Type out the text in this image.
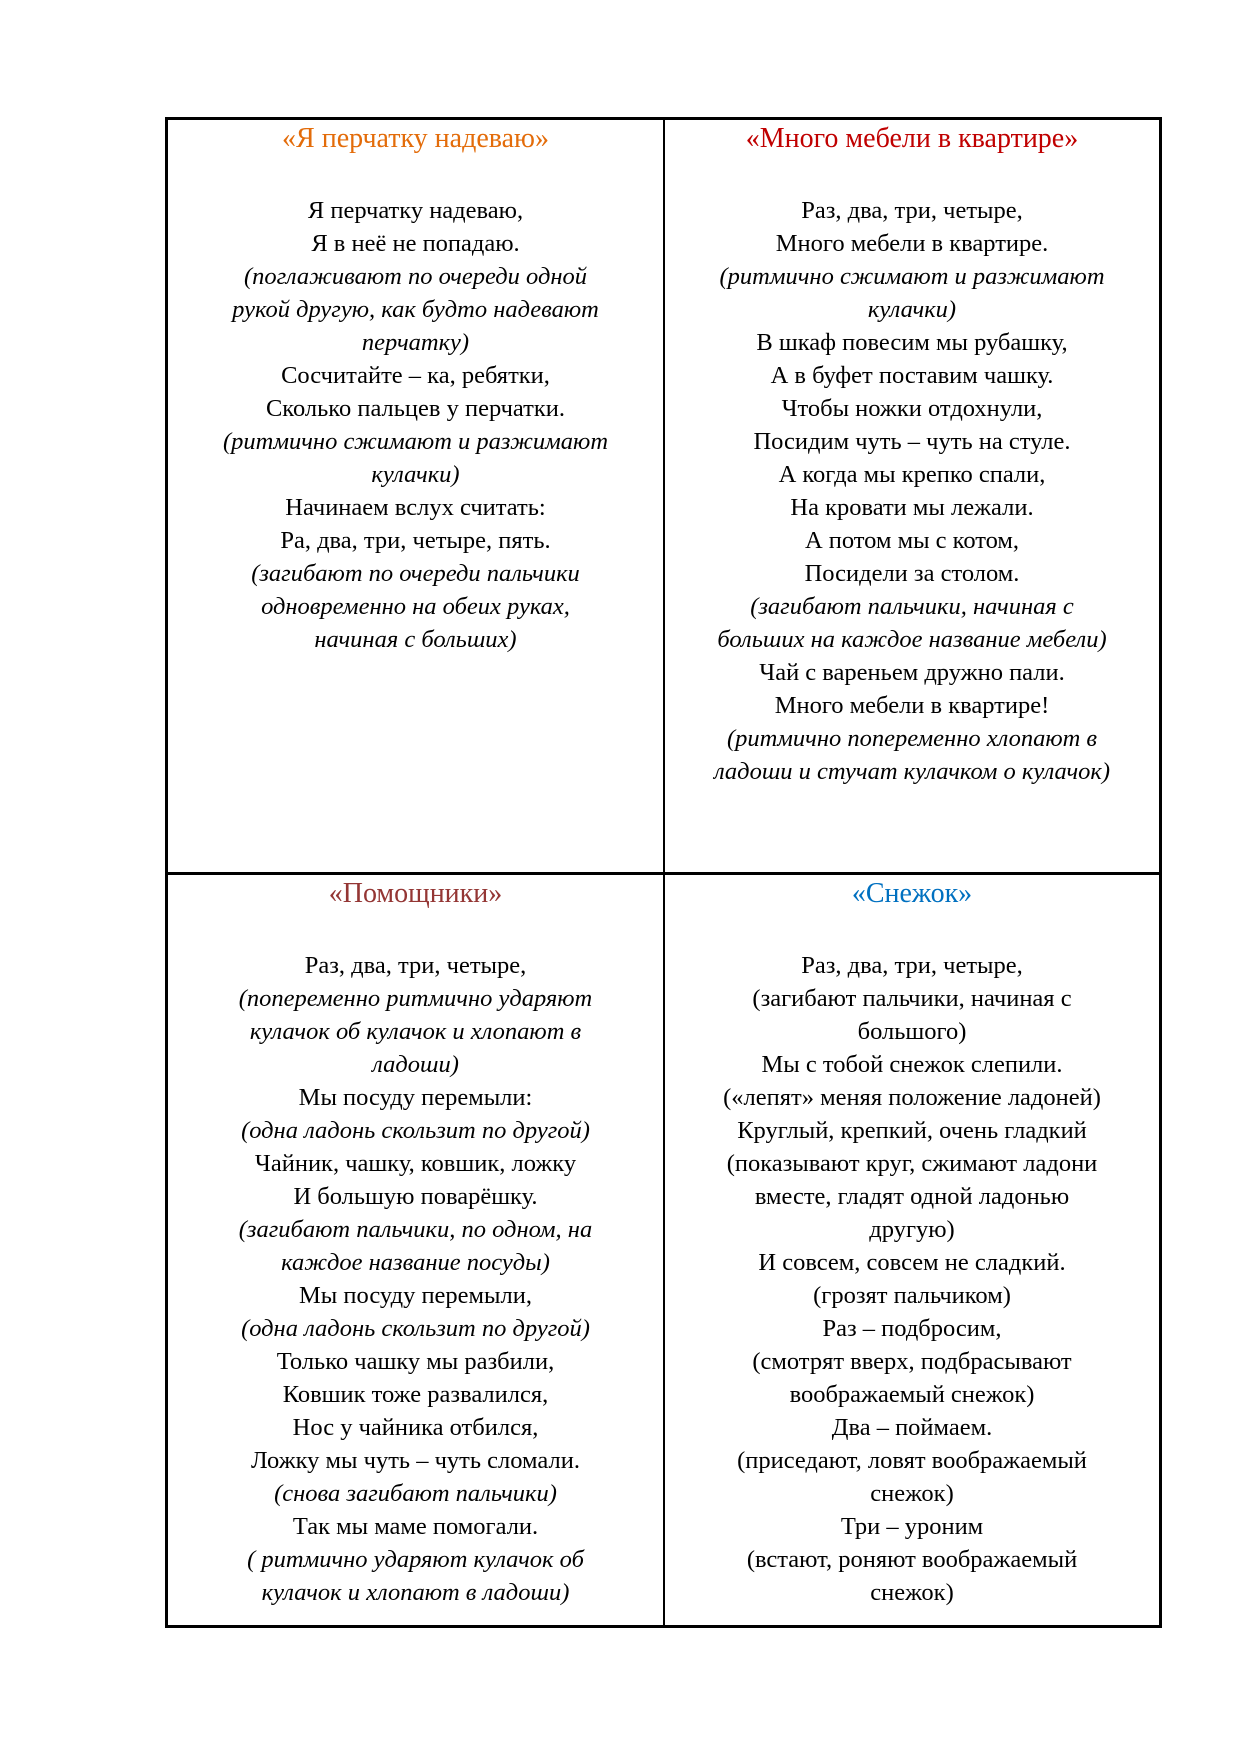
«Я перчатку надеваю»
Я перчатку надеваю,
Я в неё не попадаю.
(поглаживают по очереди одной
рукой другую, как будто надевают
перчатку)
Сосчитайте – ка, ребятки,
Сколько пальцев у перчатки.
(ритмично сжимают и разжимают
кулачки)
Начинаем вслух считать:
Ра, два, три, четыре, пять.
(загибают по очереди пальчики
одновременно на обеих руках,
начиная с больших)
«Много мебели в квартире»
Раз, два, три, четыре,
Много мебели в квартире.
(ритмично сжимают и разжимают
кулачки)
В шкаф повесим мы рубашку,
А в буфет поставим чашку.
Чтобы ножки отдохнули,
Посидим чуть – чуть на стуле.
А когда мы крепко спали,
На кровати мы лежали.
А потом мы с котом,
Посидели за столом.
(загибают пальчики, начиная с
больших на каждое название мебели)
Чай с вареньем дружно пали.
Много мебели в квартире!
(ритмично попеременно хлопают в
ладоши и стучат кулачком о кулачок)
«Помощники»
Раз, два, три, четыре,
(попеременно ритмично ударяют
кулачок об кулачок и хлопают в
ладоши)
Мы посуду перемыли:
(одна ладонь скользит по другой)
Чайник, чашку, ковшик, ложку
И большую поварёшку.
(загибают пальчики, по одном, на
каждое название посуды)
Мы посуду перемыли,
(одна ладонь скользит по другой)
Только чашку мы разбили,
Ковшик тоже развалился,
Нос у чайника отбился,
Ложку мы чуть – чуть сломали.
(снова загибают пальчики)
Так мы маме помогали.
( ритмично ударяют кулачок об
кулачок и хлопают в ладоши)
«Снежок»
Раз, два, три, четыре,
(загибают пальчики, начиная с
большого)
Мы с тобой снежок слепили.
(«лепят» меняя положение ладоней)
Круглый, крепкий, очень гладкий
(показывают круг, сжимают ладони
вместе, гладят одной ладонью
другую)
И совсем, совсем не сладкий.
(грозят пальчиком)
Раз – подбросим,
(смотрят вверх, подбрасывают
воображаемый снежок)
Два – поймаем.
(приседают, ловят воображаемый
снежок)
Три – уроним
(встают, роняют воображаемый
снежок)
